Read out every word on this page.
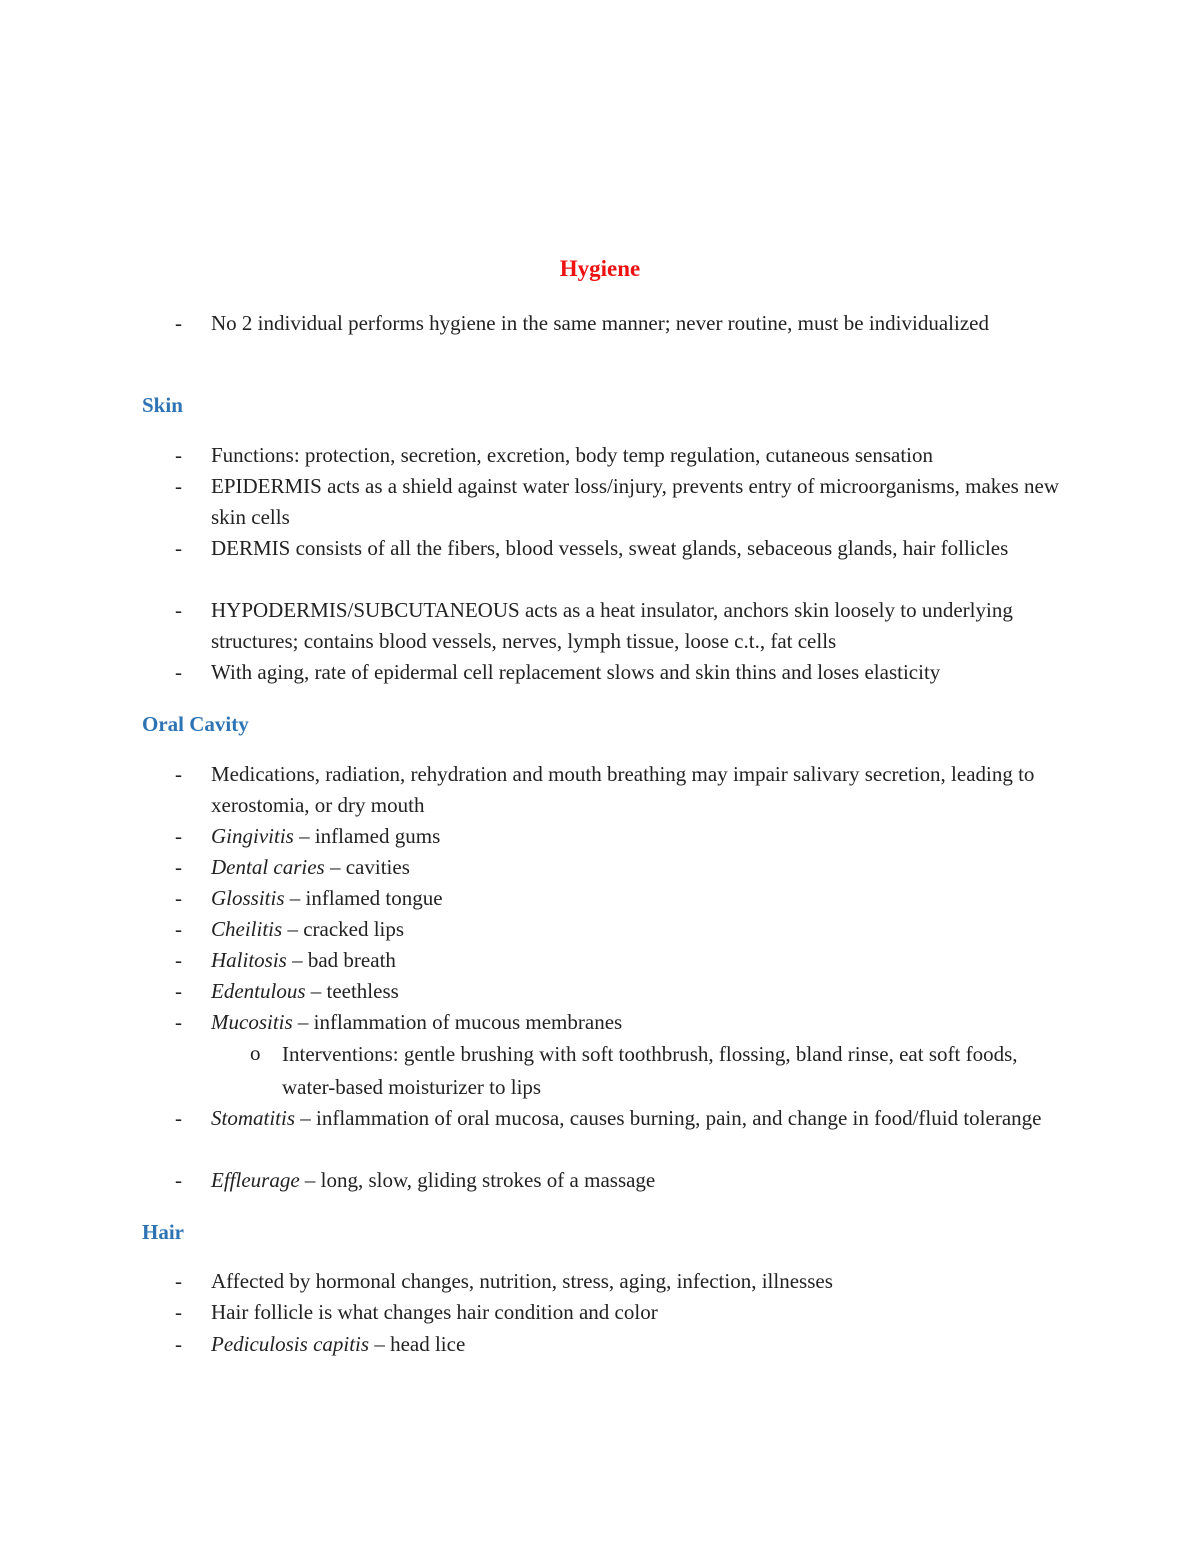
Hygiene
- No 2 individual performs hygiene in the same manner; never routine, must be individualized
Skin
- Functions: protection, secretion, excretion, body temp regulation, cutaneous sensation
- EPIDERMIS acts as a shield against water loss/injury, prevents entry of microorganisms, makes new skin cells
- DERMIS consists of all the fibers, blood vessels, sweat glands, sebaceous glands, hair follicles
- HYPODERMIS/SUBCUTANEOUS acts as a heat insulator, anchors skin loosely to underlying structures; contains blood vessels, nerves, lymph tissue, loose c.t., fat cells
- With aging, rate of epidermal cell replacement slows and skin thins and loses elasticity
Oral Cavity
- Medications, radiation, rehydration and mouth breathing may impair salivary secretion, leading to xerostomia, or dry mouth
- Gingivitis – inflamed gums
- Dental caries – cavities
- Glossitis – inflamed tongue
- Cheilitis – cracked lips
- Halitosis – bad breath
- Edentulous – teethless
- Mucositis – inflammation of mucous membranes
o Interventions: gentle brushing with soft toothbrush, flossing, bland rinse, eat soft foods, water-based moisturizer to lips
- Stomatitis – inflammation of oral mucosa, causes burning, pain, and change in food/fluid tolerange
- Effleurage – long, slow, gliding strokes of a massage
Hair
- Affected by hormonal changes, nutrition, stress, aging, infection, illnesses
- Hair follicle is what changes hair condition and color
- Pediculosis capitis – head lice
